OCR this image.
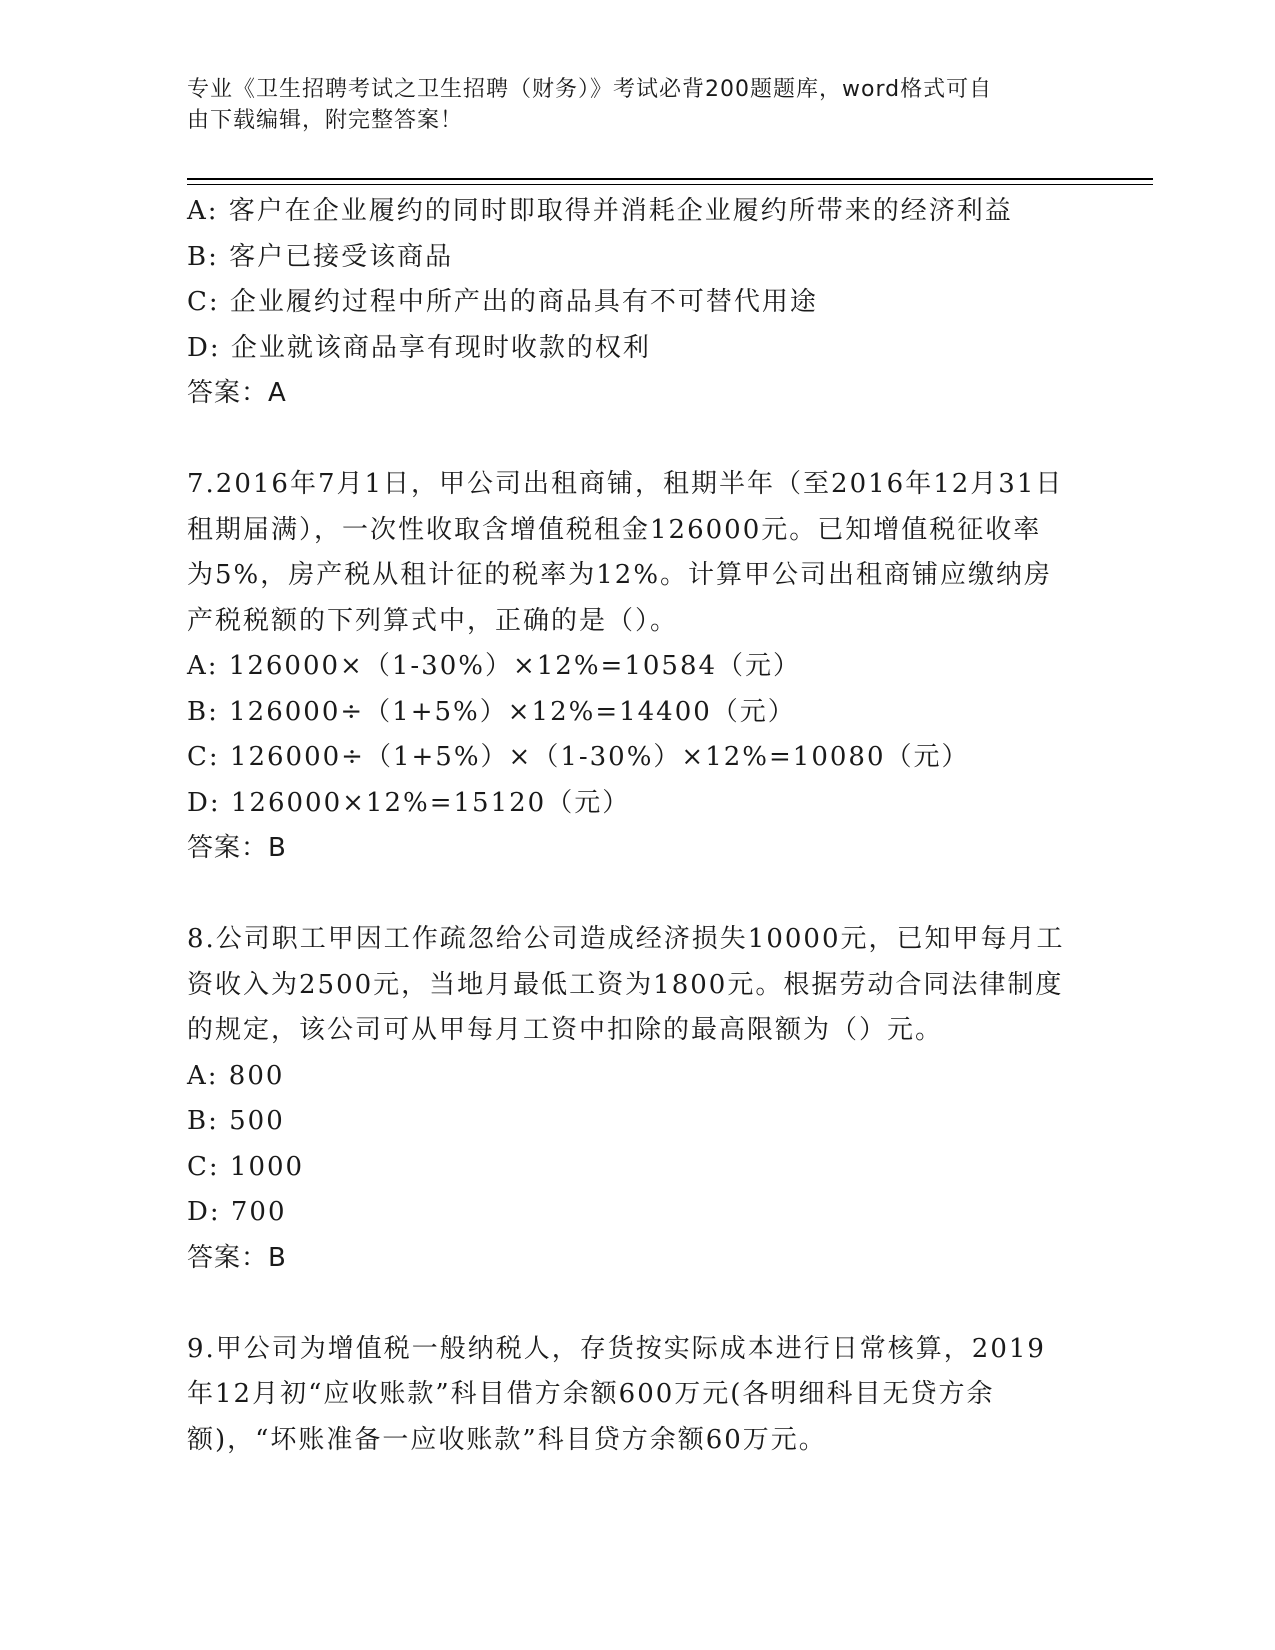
专业《卫生招聘考试之卫生招聘（财务）》考试必背200题题库，word格式可自
由下载编辑，附完整答案！

A: 客户在企业履约的同时即取得并消耗企业履约所带来的经济利益

B: 客户已接受该商品

C: 企业履约过程中所产出的商品具有不可替代用途

D: 企业就该商品享有现时收款的权利

答案：A

7.2016年7月1日，甲公司出租商铺，租期半年（至2016年12月31日租期届满），一次性收取含增值税租金126000元。已知增值税征收率为5%，房产税从租计征的税率为12%。计算甲公司出租商铺应缴纳房产税税额的下列算式中，正确的是（）。

A: 126000×（1-30%）×12%=10584（元）

B: 126000÷（1+5%）×12%=14400（元）

C: 126000÷（1+5%）×（1-30%）×12%=10080（元）

D: 126000×12%=15120（元）

答案：B

8.公司职工甲因工作疏忽给公司造成经济损失10000元，已知甲每月工资收入为2500元，当地月最低工资为1800元。根据劳动合同法律制度的规定，该公司可从甲每月工资中扣除的最高限额为（）元。

A: 800

B: 500

C: 1000

D: 700

答案：B

9.甲公司为增值税一般纳税人，存货按实际成本进行日常核算，2019年12月初“应收账款”科目借方余额600万元(各明细科目无贷方余额)，“坏账准备一应收账款”科目贷方余额60万元。
